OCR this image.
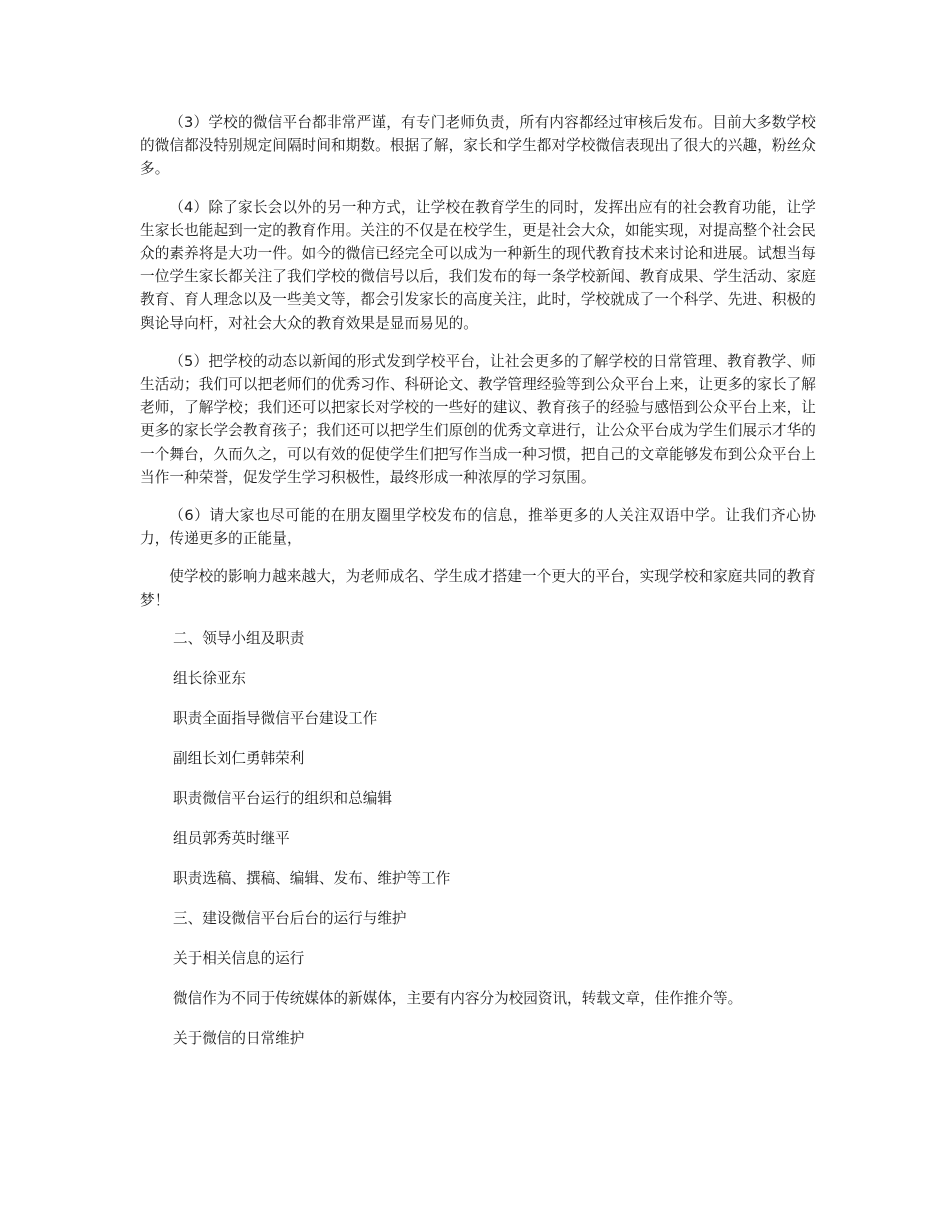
（3）学校的微信平台都非常严谨，有专门老师负责，所有内容都经过审核后发布。目前大多数学校的微信都没特别规定间隔时间和期数。根据了解，家长和学生都对学校微信表现出了很大的兴趣，粉丝众多。

（4）除了家长会以外的另一种方式，让学校在教育学生的同时，发挥出应有的社会教育功能，让学生家长也能起到一定的教育作用。关注的不仅是在校学生，更是社会大众，如能实现，对提高整个社会民众的素养将是大功一件。如今的微信已经完全可以成为一种新生的现代教育技术来讨论和进展。试想当每一位学生家长都关注了我们学校的微信号以后，我们发布的每一条学校新闻、教育成果、学生活动、家庭教育、育人理念以及一些美文等，都会引发家长的高度关注，此时，学校就成了一个科学、先进、积极的舆论导向杆，对社会大众的教育效果是显而易见的。

（5）把学校的动态以新闻的形式发到学校平台，让社会更多的了解学校的日常管理、教育教学、师生活动；我们可以把老师们的优秀习作、科研论文、教学管理经验等到公众平台上来，让更多的家长了解老师，了解学校；我们还可以把家长对学校的一些好的建议、教育孩子的经验与感悟到公众平台上来，让更多的家长学会教育孩子；我们还可以把学生们原创的优秀文章进行，让公众平台成为学生们展示才华的一个舞台，久而久之，可以有效的促使学生们把写作当成一种习惯，把自己的文章能够发布到公众平台上当作一种荣誉，促发学生学习积极性，最终形成一种浓厚的学习氛围。

（6）请大家也尽可能的在朋友圈里学校发布的信息，推举更多的人关注双语中学。让我们齐心协力，传递更多的正能量，

使学校的影响力越来越大，为老师成名、学生成才搭建一个更大的平台，实现学校和家庭共同的教育梦！

二、领导小组及职责
组长徐亚东
职责全面指导微信平台建设工作
副组长刘仁勇韩荣利
职责微信平台运行的组织和总编辑
组员郭秀英时继平
职责选稿、撰稿、编辑、发布、维护等工作
三、建设微信平台后台的运行与维护
关于相关信息的运行
微信作为不同于传统媒体的新媒体，主要有内容分为校园资讯，转载文章，佳作推介等。
关于微信的日常维护
